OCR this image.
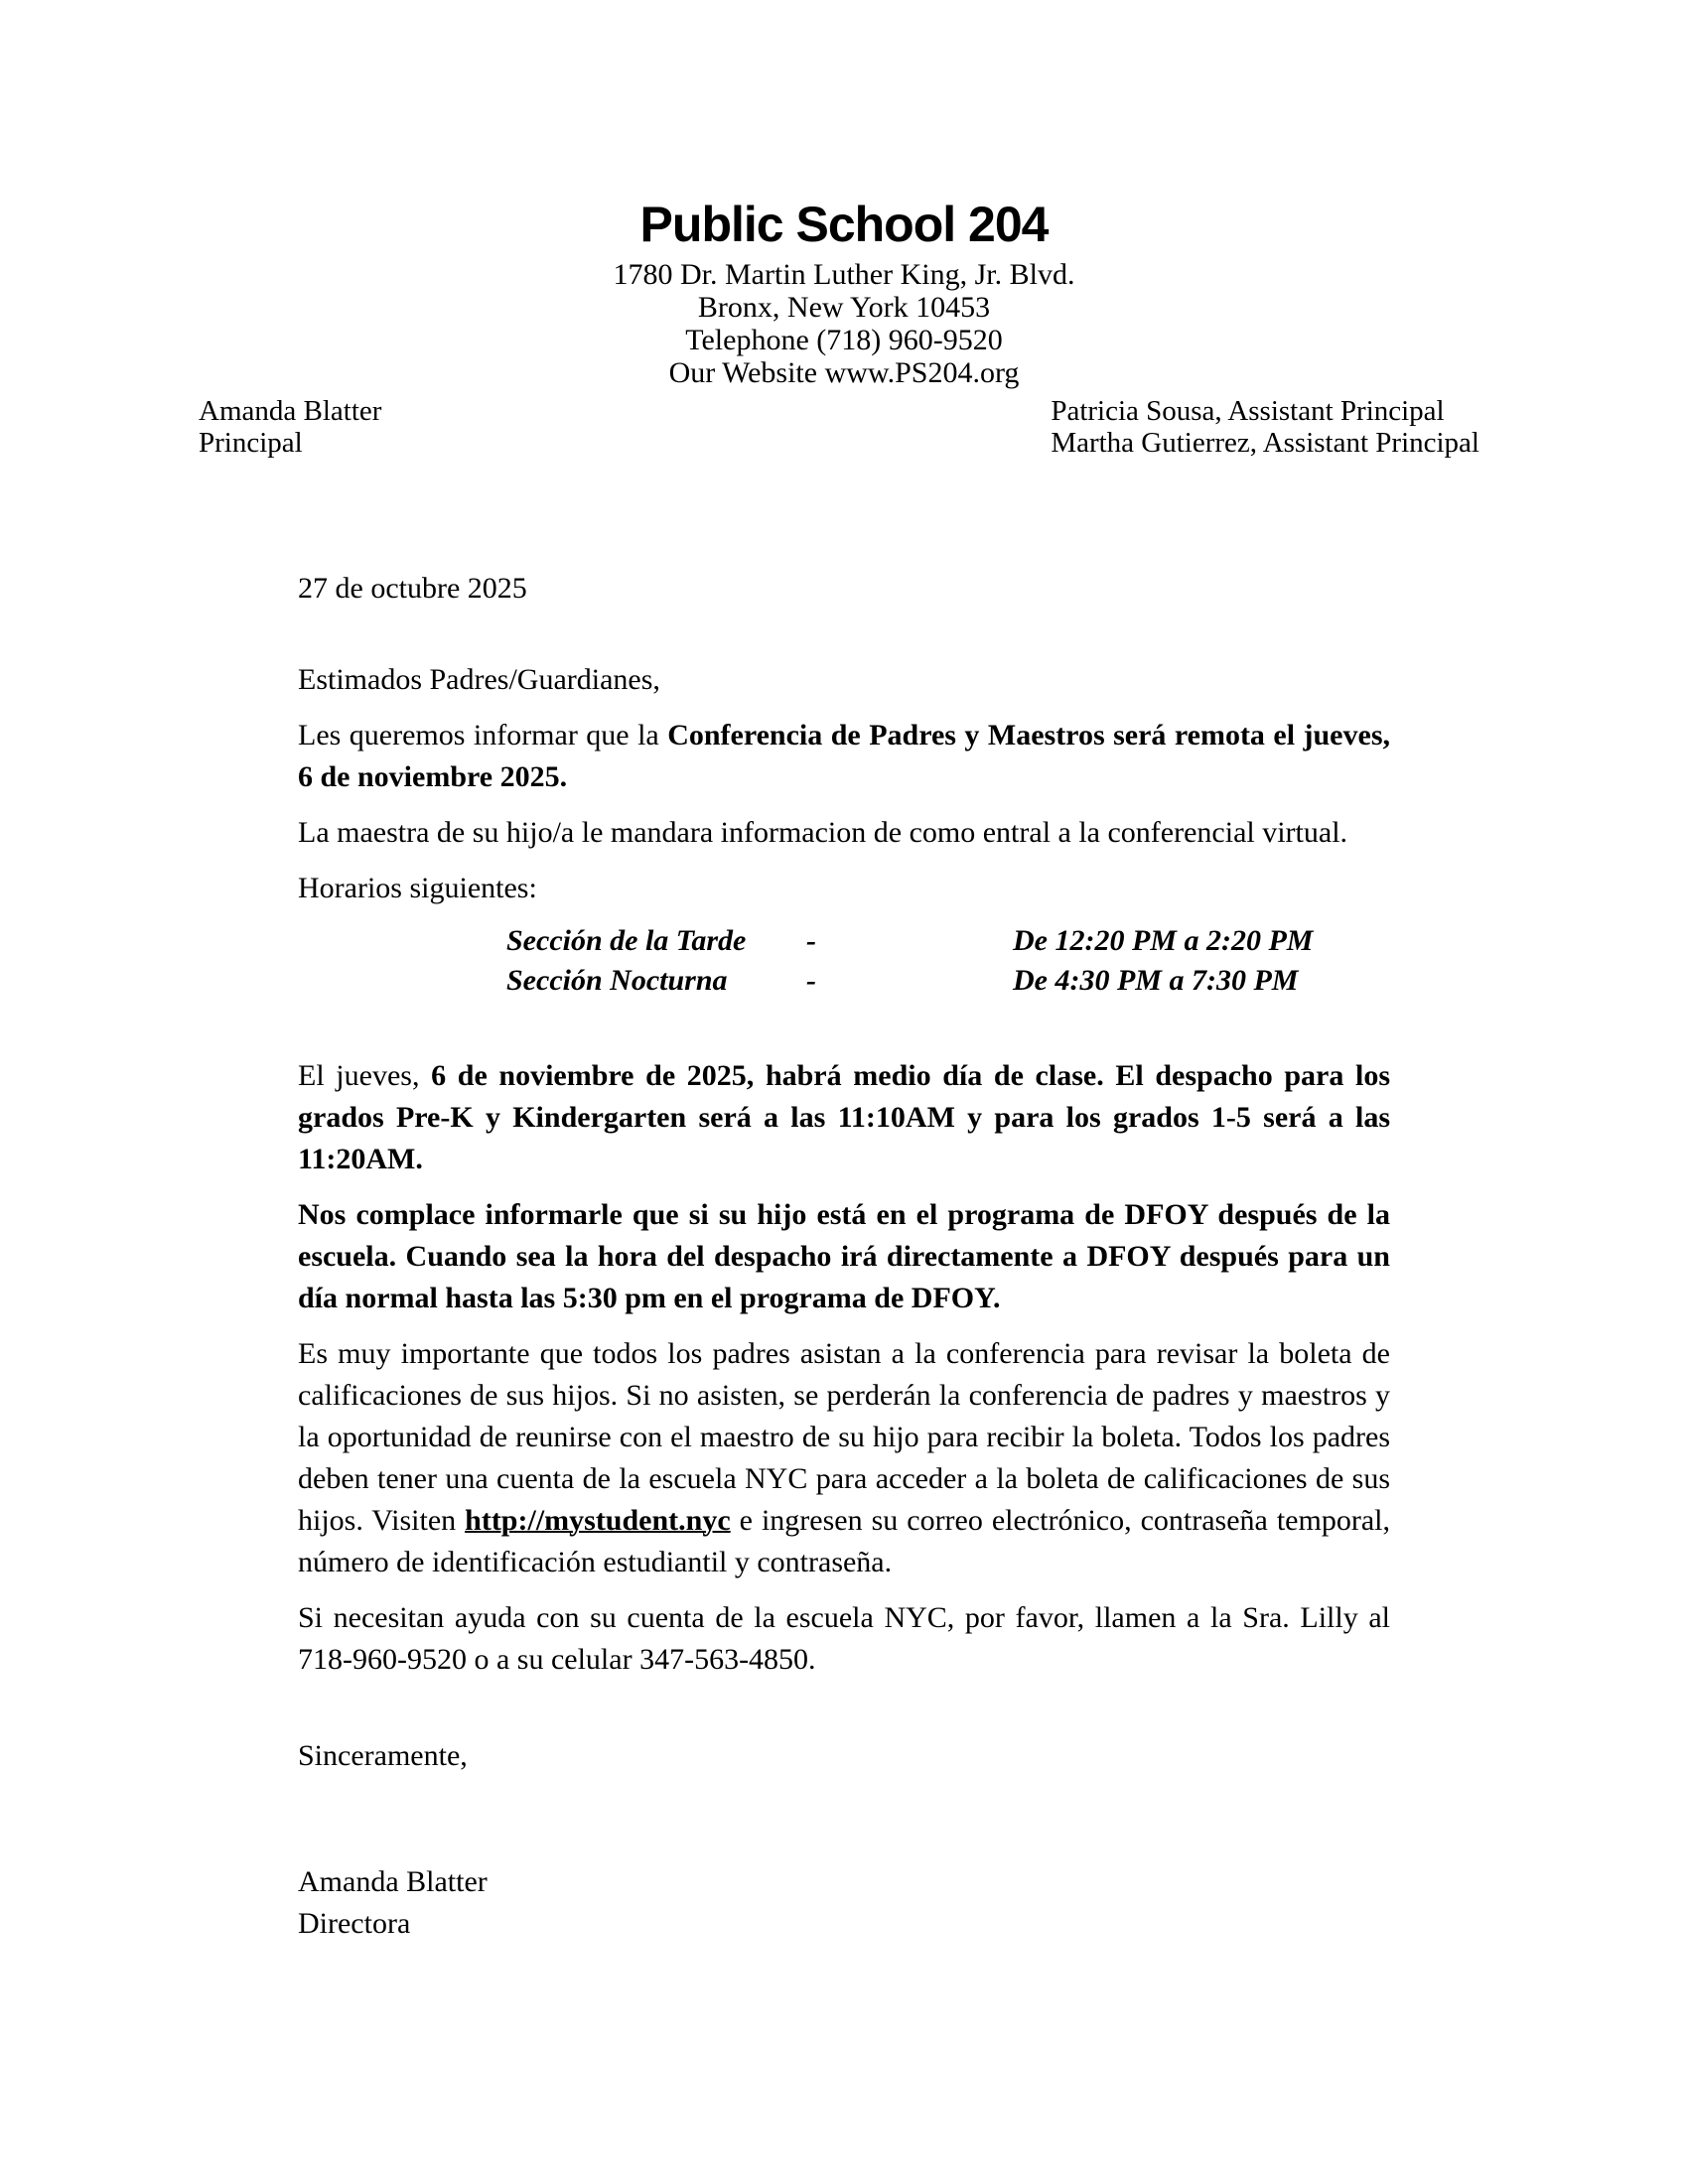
Public School 204
1780 Dr. Martin Luther King, Jr. Blvd.
Bronx, New York 10453
Telephone (718) 960-9520
Our Website www.PS204.org
Amanda Blatter
Principal
Patricia Sousa, Assistant Principal
Martha Gutierrez, Assistant Principal

27 de octubre 2025

Estimados Padres/Guardianes,

Les queremos informar que la Conferencia de Padres y Maestros será remota el jueves, 6 de noviembre 2025.

La maestra de su hijo/a le mandara informacion de como entral a la conferencial virtual.

Horarios siguientes:

Sección de la Tarde	-	De 12:20 PM a 2:20 PM
Sección Nocturna	-	De 4:30 PM a 7:30 PM

El jueves, 6 de noviembre de 2025, habrá medio día de clase. El despacho para los grados Pre-K y Kindergarten será a las 11:10AM y para los grados 1-5 será a las 11:20AM.

Nos complace informarle que si su hijo está en el programa de DFOY después de la escuela. Cuando sea la hora del despacho irá directamente a DFOY después para un día normal hasta las 5:30 pm en el programa de DFOY.

Es muy importante que todos los padres asistan a la conferencia para revisar la boleta de calificaciones de sus hijos. Si no asisten, se perderán la conferencia de padres y maestros y la oportunidad de reunirse con el maestro de su hijo para recibir la boleta. Todos los padres deben tener una cuenta de la escuela NYC para acceder a la boleta de calificaciones de sus hijos. Visiten http://mystudent.nyc e ingresen su correo electrónico, contraseña temporal, número de identificación estudiantil y contraseña.

Si necesitan ayuda con su cuenta de la escuela NYC, por favor, llamen a la Sra. Lilly al 718-960-9520 o a su celular 347-563-4850.

Sinceramente,

Amanda Blatter

Directora
